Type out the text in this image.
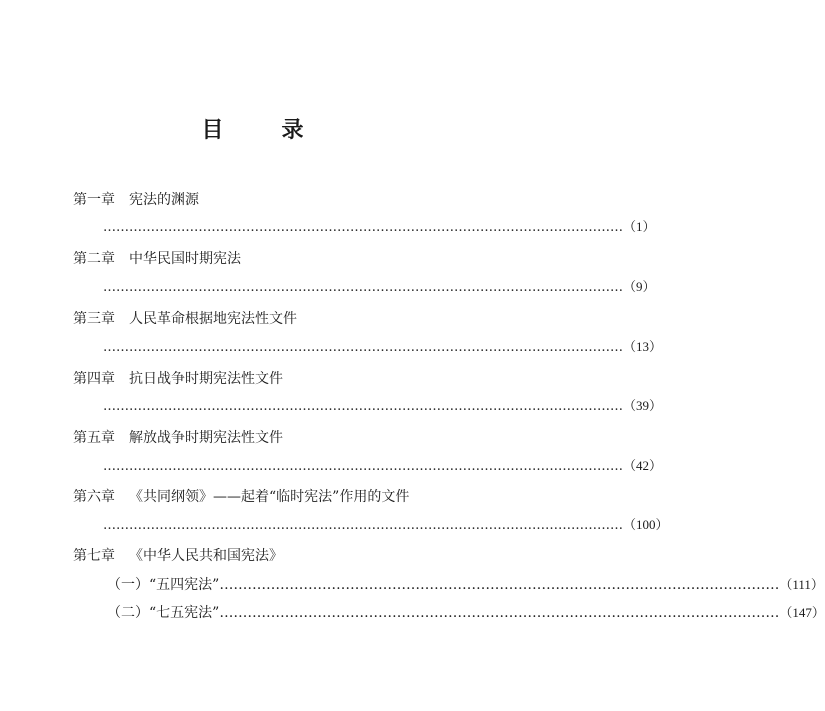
目　录
第一章 宪法的渊源
………………………………………………………………………………………………………… （1）
第二章 中华民国时期宪法
………………………………………………………………………………………………………… （9）
第三章 人民革命根据地宪法性文件
………………………………………………………………………………………………………… （13）
第四章 抗日战争时期宪法性文件
………………………………………………………………………………………………………… （39）
第五章 解放战争时期宪法性文件
………………………………………………………………………………………………………… （42）
第六章 《共同纲领》——起着“临时宪法”作用的文件
………………………………………………………………………………………………………… （100）
第七章 《中华人民共和国宪法》
（一）“五四宪法” ………………………………………………………………………………………………………… （111）
（二）“七五宪法” ………………………………………………………………………………………………………… （147）
